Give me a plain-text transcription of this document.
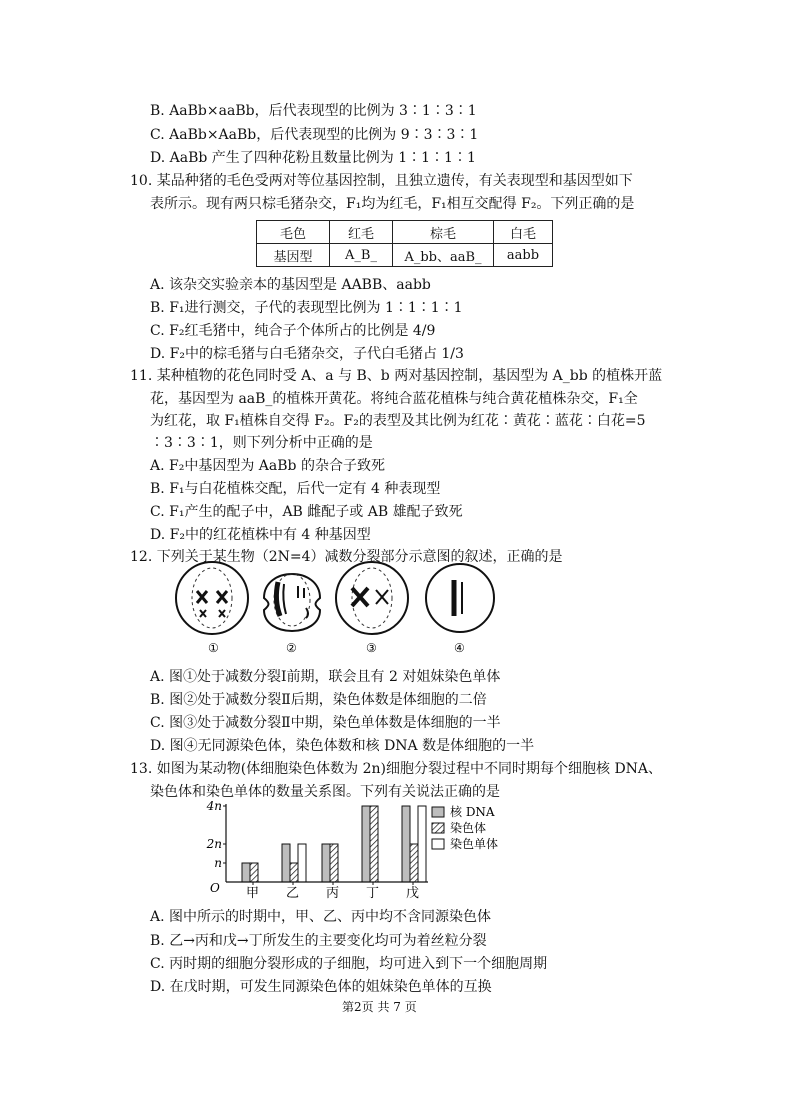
B. AaBb×aaBb，后代表现型的比例为 3∶1∶3∶1
C. AaBb×AaBb，后代表现型的比例为 9∶3∶3∶1
D. AaBb 产生了四种花粉且数量比例为 1∶1∶1∶1
10. 某品种猪的毛色受两对等位基因控制，且独立遗传，有关表现型和基因型如下
表所示。现有两只棕毛猪杂交，F₁均为红毛，F₁相互交配得 F₂。下列正确的是
毛色	红毛	棕毛	白毛
基因型	A_B_	A_bb、aaB_	aabb
A. 该杂交实验亲本的基因型是 AABB、aabb
B. F₁进行测交，子代的表现型比例为 1∶1∶1∶1
C. F₂红毛猪中，纯合子个体所占的比例是 4/9
D. F₂中的棕毛猪与白毛猪杂交，子代白毛猪占 1/3
11. 某种植物的花色同时受 A、a 与 B、b 两对基因控制，基因型为 A_bb 的植株开蓝
花，基因型为 aaB_的植株开黄花。将纯合蓝花植株与纯合黄花植株杂交，F₁全
为红花，取 F₁植株自交得 F₂。F₂的表型及其比例为红花∶黄花∶蓝花∶白花=5
∶3∶3∶1，则下列分析中正确的是
A. F₂中基因型为 AaBb 的杂合子致死
B. F₁与白花植株交配，后代一定有 4 种表现型
C. F₁产生的配子中，AB 雌配子或 AB 雄配子致死
D. F₂中的红花植株中有 4 种基因型
12. 下列关于某生物（2N=4）减数分裂部分示意图的叙述，正确的是
①	②	③	④
A. 图①处于减数分裂Ⅰ前期，联会且有 2 对姐妹染色单体
B. 图②处于减数分裂Ⅱ后期，染色体数是体细胞的二倍
C. 图③处于减数分裂Ⅱ中期，染色单体数是体细胞的一半
D. 图④无同源染色体，染色体数和核 DNA 数是体细胞的一半
13. 如图为某动物(体细胞染色体数为 2n)细胞分裂过程中不同时期每个细胞核 DNA、
染色体和染色单体的数量关系图。下列有关说法正确的是
O
n
2n
4n
甲 乙 丙 丁 戊
核 DNA
染色体
染色单体
A. 图中所示的时期中，甲、乙、丙中均不含同源染色体
B. 乙→丙和戊→丁所发生的主要变化均可为着丝粒分裂
C. 丙时期的细胞分裂形成的子细胞，均可进入到下一个细胞周期
D. 在戊时期，可发生同源染色体的姐妹染色单体的互换
第2页 共 7 页
